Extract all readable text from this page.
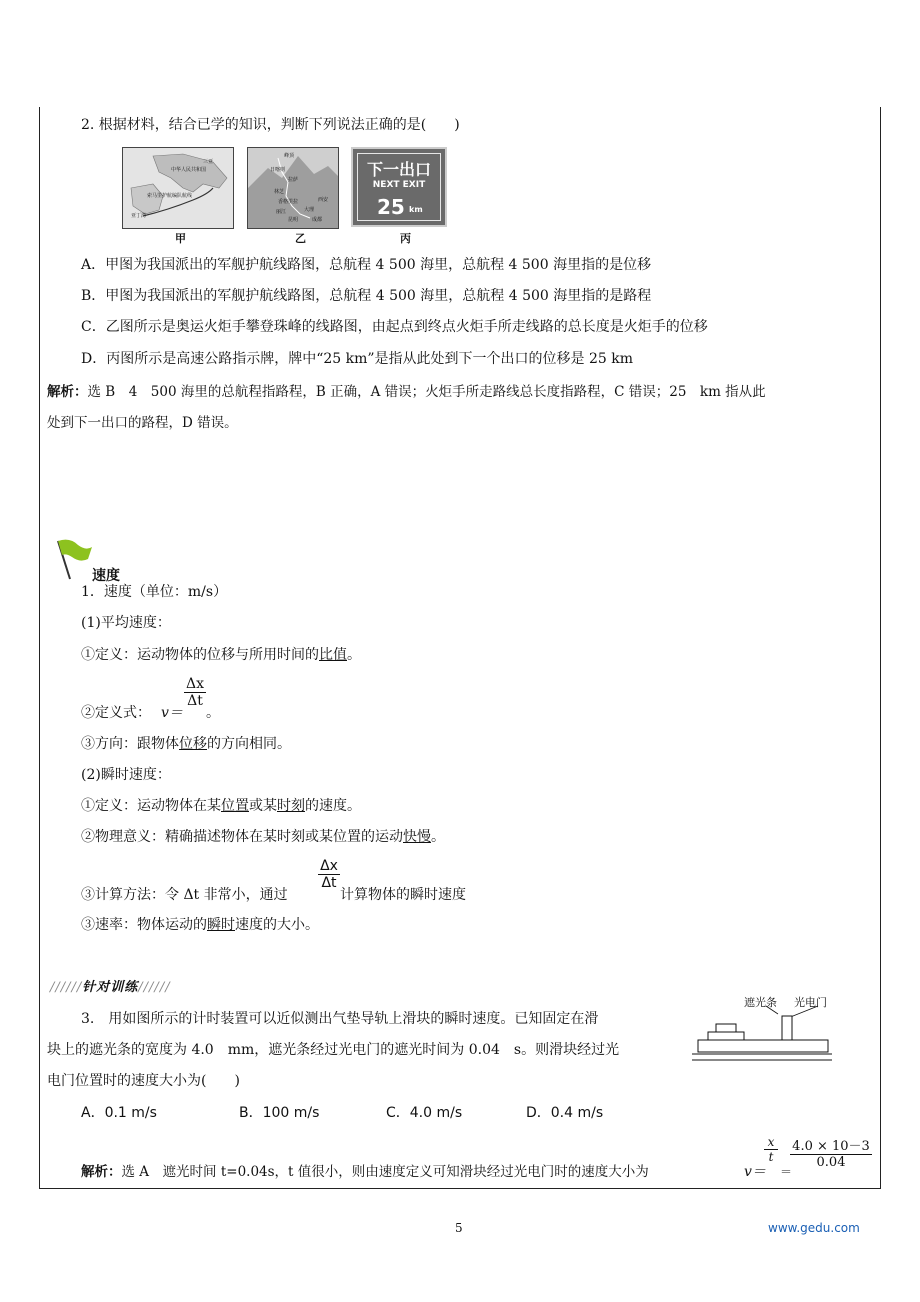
2. 根据材料，结合已学的知识，判断下列说法正确的是(　　)
中华人民共和国
三亚
亚丁湾
索马里护航编队航线
甲
峰顶
日喀则
拉萨
林芝
香格里拉
丽江	大理
昆明	成都
西安
乙
下一出口
NEXT EXIT
25 km
丙
A．甲图为我国派出的军舰护航线路图，总航程 4 500 海里，总航程 4 500 海里指的是位移
B．甲图为我国派出的军舰护航线路图，总航程 4 500 海里，总航程 4 500 海里指的是路程
C．乙图所示是奥运火炬手攀登珠峰的线路图，由起点到终点火炬手所走线路的总长度是火炬手的位移
D．丙图所示是高速公路指示牌，牌中“25 km”是指从此处到下一个出口的位移是 25 km
解析：选 B　4　500 海里的总航程指路程，B 正确，A 错误；火炬手所走路线总长度指路程，C 错误；25　km 指从此
处到下一出口的路程，D 错误。
速度
1．速度（单位：m/s）
(1)平均速度：
①定义：运动物体的位移与所用时间的比值。
②定义式： v＝
$\frac{\Delta x}{\Delta t}$
。
③方向：跟物体位移的方向相同。
(2)瞬时速度：
①定义：运动物体在某位置或某时刻的速度。
②物理意义：精确描述物体在某时刻或某位置的运动快慢。
③计算方法：令 Δt 非常小，通过
$\frac{\Delta x}{\Delta t}$
计算物体的瞬时速度
③速率：物体运动的瞬时速度的大小。
//////针对训练//////
3.　用如图所示的计时装置可以近似测出气垫导轨上滑块的瞬时速度。已知固定在滑
块上的遮光条的宽度为 4.0　mm，遮光条经过光电门的遮光时间为 0.04　s。则滑块经过光
电门位置时的速度大小为(　　)
遮光条 光电门
A．0.1 m/s	B．100 m/s	C．4.0 m/s	D．0.4 m/s
解析：选 A　遮光时间 t=0.04s，t 值很小，则由速度定义可知滑块经过光电门时的速度大小为	v＝
$\frac{x}{t}$
＝
$\frac{4.0 \times 10-3}{0.04}$
5	www.gedu.com
